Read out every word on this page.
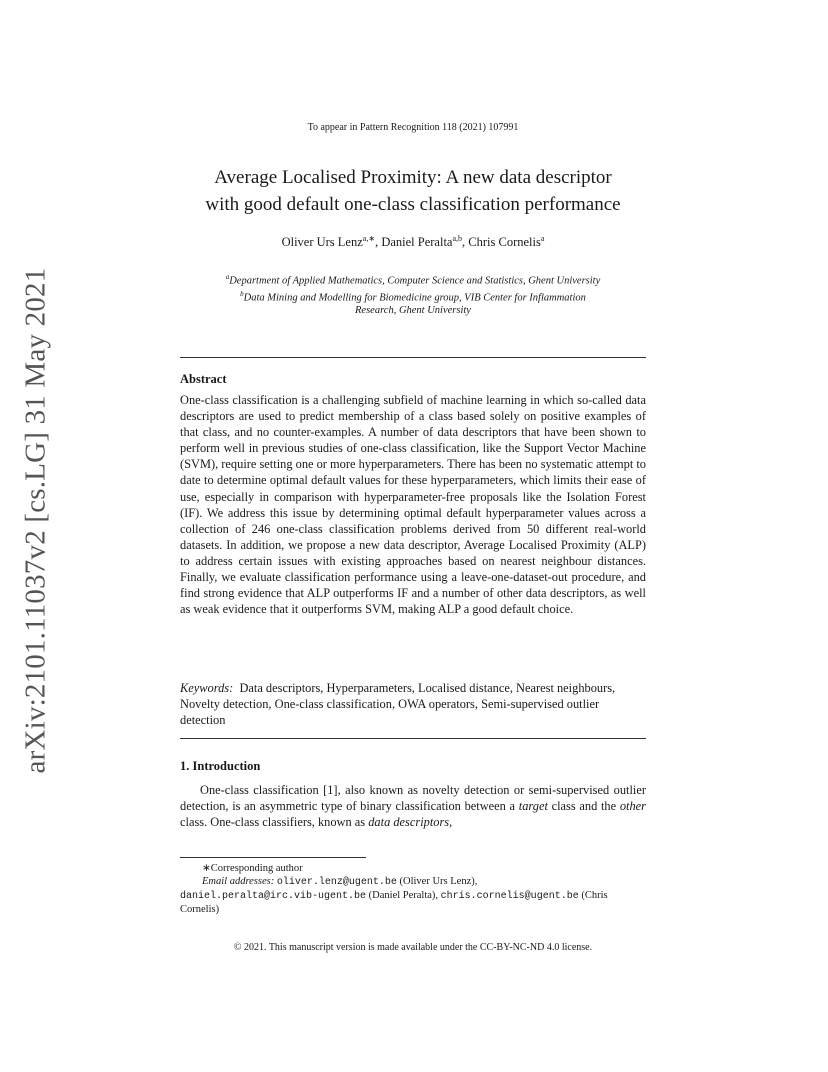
arXiv:2101.11037v2 [cs.LG] 31 May 2021
To appear in Pattern Recognition 118 (2021) 107991
Average Localised Proximity: A new data descriptor
with good default one-class classification performance
Oliver Urs Lenz$^{a,∗}$, Daniel Peralta$^{a,b}$, Chris Cornelis$^a$
$^a$Department of Applied Mathematics, Computer Science and Statistics, Ghent University
$^b$Data Mining and Modelling for Biomedicine group, VIB Center for Inflammation
Research, Ghent University
Abstract
One-class classification is a challenging subfield of machine learning in which so-called data descriptors are used to predict membership of a class based solely on positive examples of that class, and no counter-examples. A number of data descriptors that have been shown to perform well in previous studies of one-class classification, like the Support Vector Machine (SVM), require setting one or more hyperparameters. There has been no systematic attempt to date to determine optimal default values for these hyperparameters, which limits their ease of use, especially in comparison with hyperparameter-free proposals like the Isolation Forest (IF). We address this issue by determining optimal default hyperparameter values across a collection of 246 one-class classification problems derived from 50 different real-world datasets. In addition, we propose a new data descriptor, Average Localised Proximity (ALP) to address certain issues with existing approaches based on nearest neighbour distances. Finally, we evaluate classification performance using a leave-one-dataset-out procedure, and find strong evidence that ALP outperforms IF and a number of other data descriptors, as well as weak evidence that it outperforms SVM, making ALP a good default choice.
Keywords: Data descriptors, Hyperparameters, Localised distance, Nearest neighbours, Novelty detection, One-class classification, OWA operators, Semi-supervised outlier detection
1. Introduction
One-class classification [1], also known as novelty detection or semi-supervised outlier detection, is an asymmetric type of binary classification between a target class and the other class. One-class classifiers, known as data descriptors,
∗Corresponding author
Email addresses: oliver.lenz@ugent.be (Oliver Urs Lenz),
daniel.peralta@irc.vib-ugent.be (Daniel Peralta), chris.cornelis@ugent.be (Chris Cornelis)
© 2021. This manuscript version is made available under the CC-BY-NC-ND 4.0 license.
